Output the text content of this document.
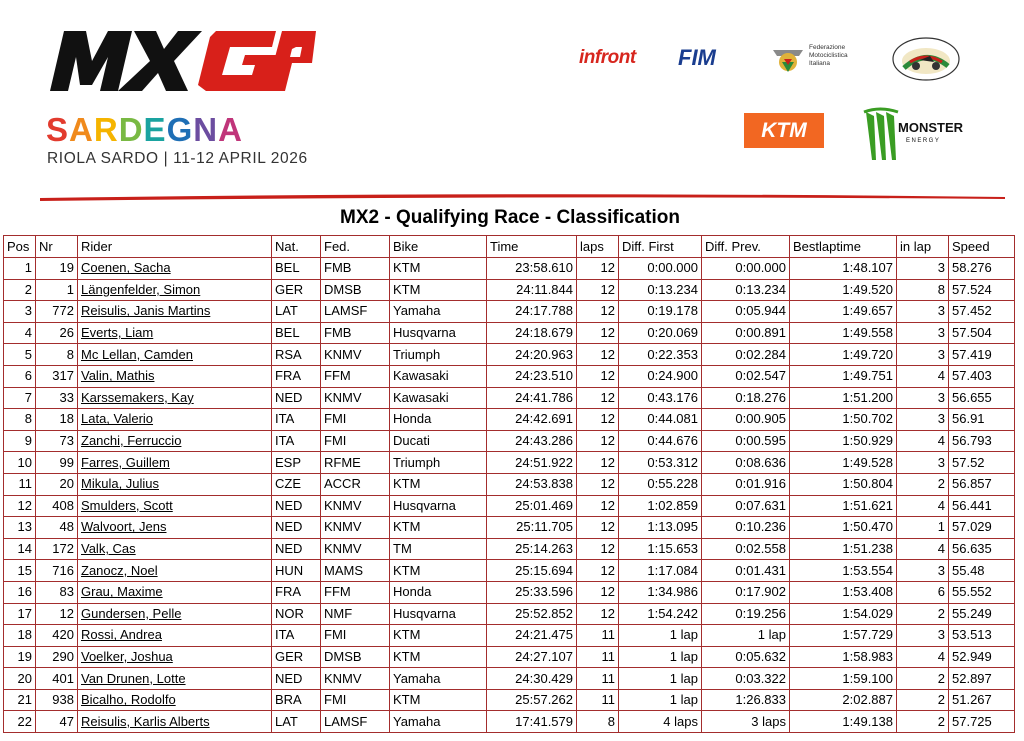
SARDEGNA
RIOLA SARDO | 11-12 APRIL 2026
infront FIM	Federazione Motociclistica Italiana
KTM	MONSTER
ENERGY
MX2 - Qualifying Race - Classification
Pos	Nr	Rider	Nat.	Fed.	Bike	Time	laps	Diff. First	Diff. Prev.	Bestlaptime	in lap	Speed
1	19	Coenen, Sacha	BEL	FMB	KTM	23:58.610	12	0:00.000	0:00.000	1:48.107	3	58.276
2	1	Längenfelder, Simon	GER	DMSB	KTM	24:11.844	12	0:13.234	0:13.234	1:49.520	8	57.524
3	772	Reisulis, Janis Martins	LAT	LAMSF	Yamaha	24:17.788	12	0:19.178	0:05.944	1:49.657	3	57.452
4	26	Everts, Liam	BEL	FMB	Husqvarna	24:18.679	12	0:20.069	0:00.891	1:49.558	3	57.504
5	8	Mc Lellan, Camden	RSA	KNMV	Triumph	24:20.963	12	0:22.353	0:02.284	1:49.720	3	57.419
6	317	Valin, Mathis	FRA	FFM	Kawasaki	24:23.510	12	0:24.900	0:02.547	1:49.751	4	57.403
7	33	Karssemakers, Kay	NED	KNMV	Kawasaki	24:41.786	12	0:43.176	0:18.276	1:51.200	3	56.655
8	18	Lata, Valerio	ITA	FMI	Honda	24:42.691	12	0:44.081	0:00.905	1:50.702	3	56.91
9	73	Zanchi, Ferruccio	ITA	FMI	Ducati	24:43.286	12	0:44.676	0:00.595	1:50.929	4	56.793
10	99	Farres, Guillem	ESP	RFME	Triumph	24:51.922	12	0:53.312	0:08.636	1:49.528	3	57.52
11	20	Mikula, Julius	CZE	ACCR	KTM	24:53.838	12	0:55.228	0:01.916	1:50.804	2	56.857
12	408	Smulders, Scott	NED	KNMV	Husqvarna	25:01.469	12	1:02.859	0:07.631	1:51.621	4	56.441
13	48	Walvoort, Jens	NED	KNMV	KTM	25:11.705	12	1:13.095	0:10.236	1:50.470	1	57.029
14	172	Valk, Cas	NED	KNMV	TM	25:14.263	12	1:15.653	0:02.558	1:51.238	4	56.635
15	716	Zanocz, Noel	HUN	MAMS	KTM	25:15.694	12	1:17.084	0:01.431	1:53.554	3	55.48
16	83	Grau, Maxime	FRA	FFM	Honda	25:33.596	12	1:34.986	0:17.902	1:53.408	6	55.552
17	12	Gundersen, Pelle	NOR	NMF	Husqvarna	25:52.852	12	1:54.242	0:19.256	1:54.029	2	55.249
18	420	Rossi, Andrea	ITA	FMI	KTM	24:21.475	11	1 lap	1 lap	1:57.729	3	53.513
19	290	Voelker, Joshua	GER	DMSB	KTM	24:27.107	11	1 lap	0:05.632	1:58.983	4	52.949
20	401	Van Drunen, Lotte	NED	KNMV	Yamaha	24:30.429	11	1 lap	0:03.322	1:59.100	2	52.897
21	938	Bicalho, Rodolfo	BRA	FMI	KTM	25:57.262	11	1 lap	1:26.833	2:02.887	2	51.267
22	47	Reisulis, Karlis Alberts	LAT	LAMSF	Yamaha	17:41.579	8	4 laps	3 laps	1:49.138	2	57.725
